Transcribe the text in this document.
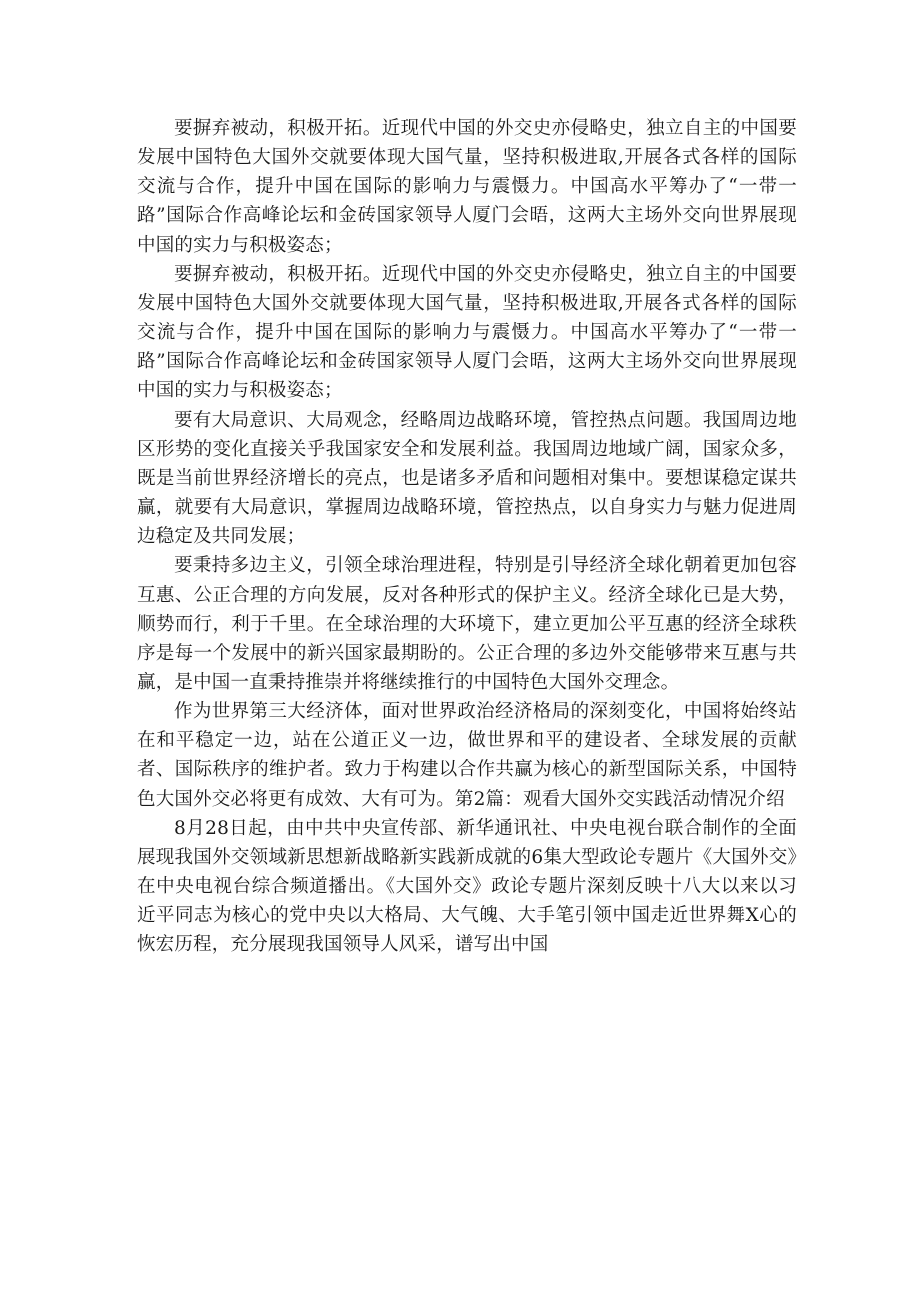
要摒弃被动，积极开拓。近现代中国的外交史亦侵略史，独立自主的中国要发展中国特色大国外交就要体现大国气量，坚持积极进取,开展各式各样的国际交流与合作，提升中国在国际的影响力与震慑力。中国高水平筹办了“一带一路”国际合作高峰论坛和金砖国家领导人厦门会晤，这两大主场外交向世界展现中国的实力与积极姿态；

要摒弃被动，积极开拓。近现代中国的外交史亦侵略史，独立自主的中国要发展中国特色大国外交就要体现大国气量，坚持积极进取,开展各式各样的国际交流与合作，提升中国在国际的影响力与震慑力。中国高水平筹办了“一带一路”国际合作高峰论坛和金砖国家领导人厦门会晤，这两大主场外交向世界展现中国的实力与积极姿态；

要有大局意识、大局观念，经略周边战略环境，管控热点问题。我国周边地区形势的变化直接关乎我国家安全和发展利益。我国周边地域广阔，国家众多，既是当前世界经济增长的亮点，也是诸多矛盾和问题相对集中。要想谋稳定谋共赢，就要有大局意识，掌握周边战略环境，管控热点，以自身实力与魅力促进周边稳定及共同发展；

要秉持多边主义，引领全球治理进程，特别是引导经济全球化朝着更加包容互惠、公正合理的方向发展，反对各种形式的保护主义。经济全球化已是大势，顺势而行，利于千里。在全球治理的大环境下，建立更加公平互惠的经济全球秩序是每一个发展中的新兴国家最期盼的。公正合理的多边外交能够带来互惠与共赢，是中国一直秉持推崇并将继续推行的中国特色大国外交理念。

作为世界第三大经济体，面对世界政治经济格局的深刻变化，中国将始终站在和平稳定一边，站在公道正义一边，做世界和平的建设者、全球发展的贡献者、国际秩序的维护者。致力于构建以合作共赢为核心的新型国际关系，中国特色大国外交必将更有成效、大有可为。第2篇：观看大国外交实践活动情况介绍

8月28日起，由中共中央宣传部、新华通讯社、中央电视台联合制作的全面展现我国外交领域新思想新战略新实践新成就的6集大型政论专题片《大国外交》在中央电视台综合频道播出。《大国外交》政论专题片深刻反映十八大以来以习近平同志为核心的党中央以大格局、大气魄、大手笔引领中国走近世界舞X心的恢宏历程，充分展现我国领导人风采，谱写出中国
